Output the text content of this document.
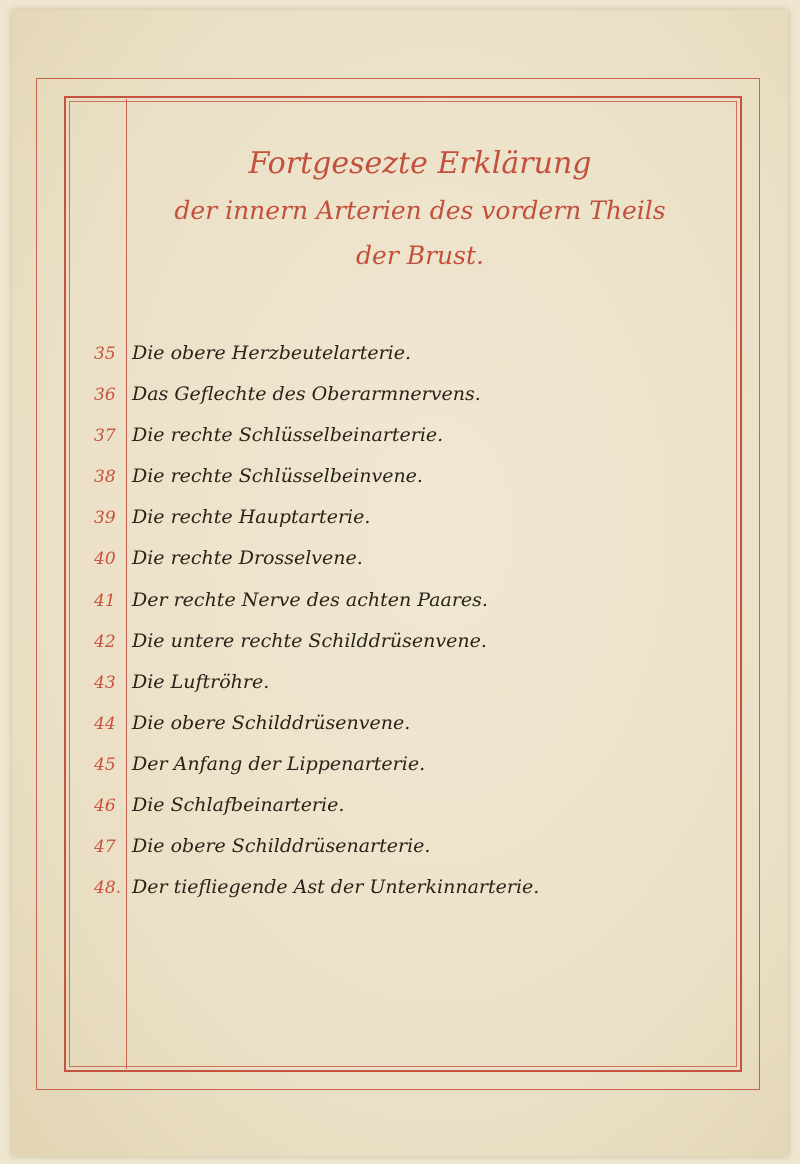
Fortgesezte Erklärung
der innern Arterien des vordern Theils
der Brust.
35 Die obere Herzbeutelarterie.
36 Das Geflechte des Oberarmnervens.
37 Die rechte Schlüsselbeinarterie.
38 Die rechte Schlüsselbeinvene.
39 Die rechte Hauptarterie.
40 Die rechte Drosselvene.
41 Der rechte Nerve des achten Paares.
42 Die untere rechte Schilddrüsenvene.
43 Die Luftröhre.
44 Die obere Schilddrüsenvene.
45 Der Anfang der Lippenarterie.
46 Die Schlafbeinarterie.
47 Die obere Schilddrüsenarterie.
48. Der tiefliegende Ast der Unterkinnarterie.
